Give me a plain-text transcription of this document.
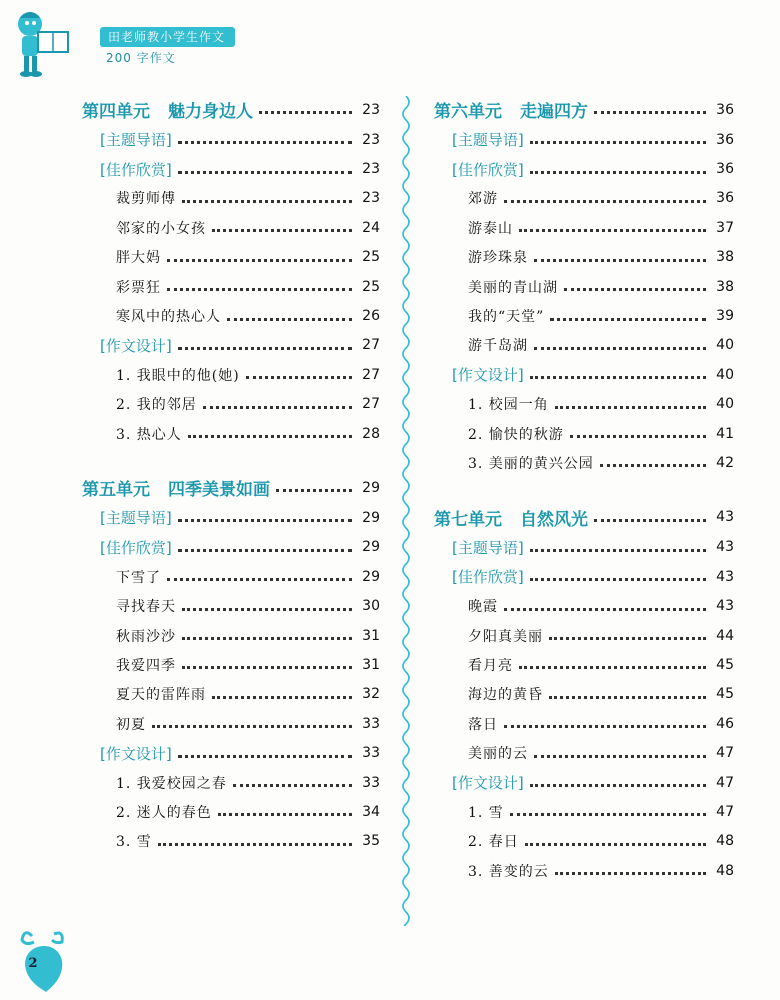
田老师教小学生作文
200 字作文
第四单元 魅力身边人	23
[主题导语]	23
[佳作欣赏]	23
裁剪师傅	23
邻家的小女孩	24
胖大妈	25
彩票狂	25
寒风中的热心人	26
[作文设计]	27
1. 我眼中的他(她)	27
2. 我的邻居	27
3. 热心人	28
第五单元 四季美景如画	29
[主题导语]	29
[佳作欣赏]	29
下雪了	29
寻找春天	30
秋雨沙沙	31
我爱四季	31
夏天的雷阵雨	32
初夏	33
[作文设计]	33
1. 我爱校园之春	33
2. 迷人的春色	34
3. 雪	35
第六单元 走遍四方	36
[主题导语]	36
[佳作欣赏]	36
郊游	36
游泰山	37
游珍珠泉	38
美丽的青山湖	38
我的“天堂”	39
游千岛湖	40
[作文设计]	40
1. 校园一角	40
2. 愉快的秋游	41
3. 美丽的黄兴公园	42
第七单元 自然风光	43
[主题导语]	43
[佳作欣赏]	43
晚霞	43
夕阳真美丽	44
看月亮	45
海边的黄昏	45
落日	46
美丽的云	47
[作文设计]	47
1. 雪	47
2. 春日	48
3. 善变的云	48
2
